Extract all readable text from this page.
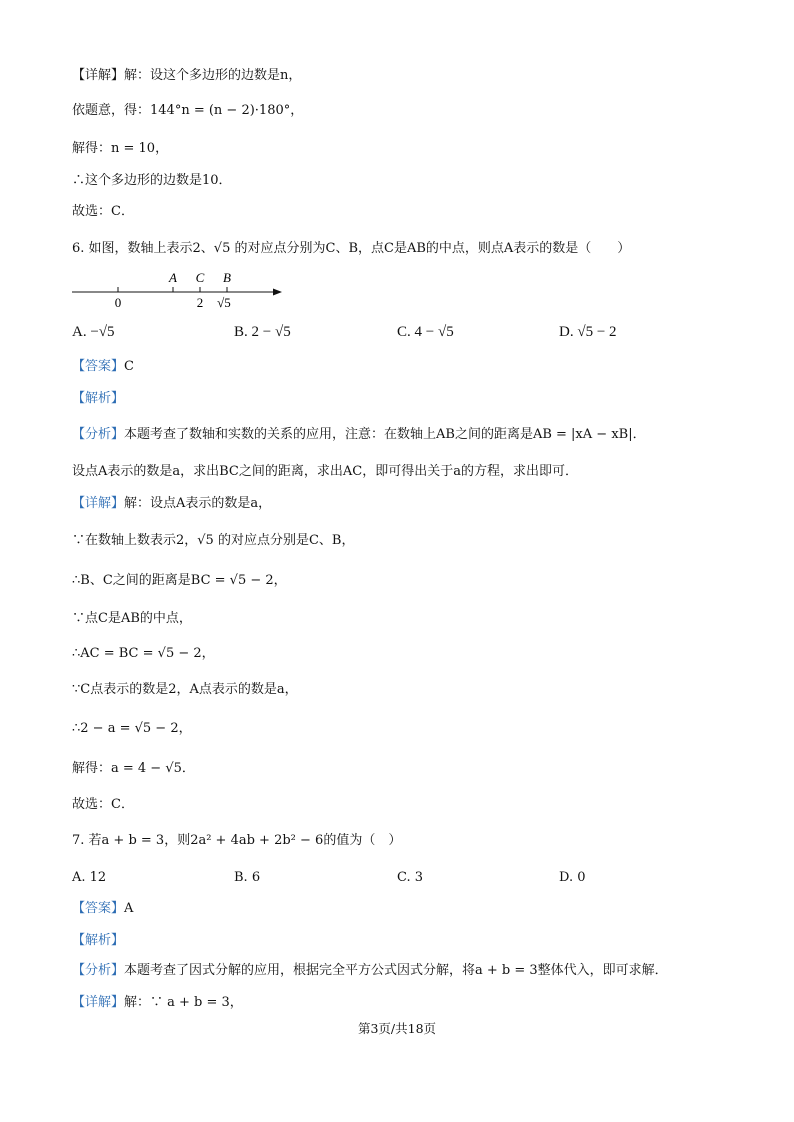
【详解】解：设这个多边形的边数是n，
依题意，得：144°n = (n − 2)·180°，
解得：n = 10，
∴这个多边形的边数是10．
故选：C．
6. 如图，数轴上表示2、√5 的对应点分别为C、B，点C是AB的中点，则点A表示的数是（　　）
A C B
0	2 √5
A. −√5	B. 2 − √5	C. 4 − √5	D. √5 − 2
【答案】C
【解析】
【分析】本题考查了数轴和实数的关系的应用，注意：在数轴上AB之间的距离是AB = |xA − xB|．
设点A表示的数是a，求出BC之间的距离，求出AC，即可得出关于a的方程，求出即可．
【详解】解：设点A表示的数是a，
∵在数轴上数表示2，√5 的对应点分别是C、B，
∴B、C之间的距离是BC = √5 − 2，
∵点C是AB的中点，
∴AC = BC = √5 − 2，
∵C点表示的数是2，A点表示的数是a，
∴2 − a = √5 − 2，
解得：a = 4 − √5．
故选：C．
7. 若a + b = 3，则2a² + 4ab + 2b² − 6的值为（　）
A. 12	B. 6	C. 3	D. 0
【答案】A
【解析】
【分析】本题考查了因式分解的应用，根据完全平方公式因式分解，将a + b = 3整体代入，即可求解．
【详解】解：∵ a + b = 3，
第3页/共18页
